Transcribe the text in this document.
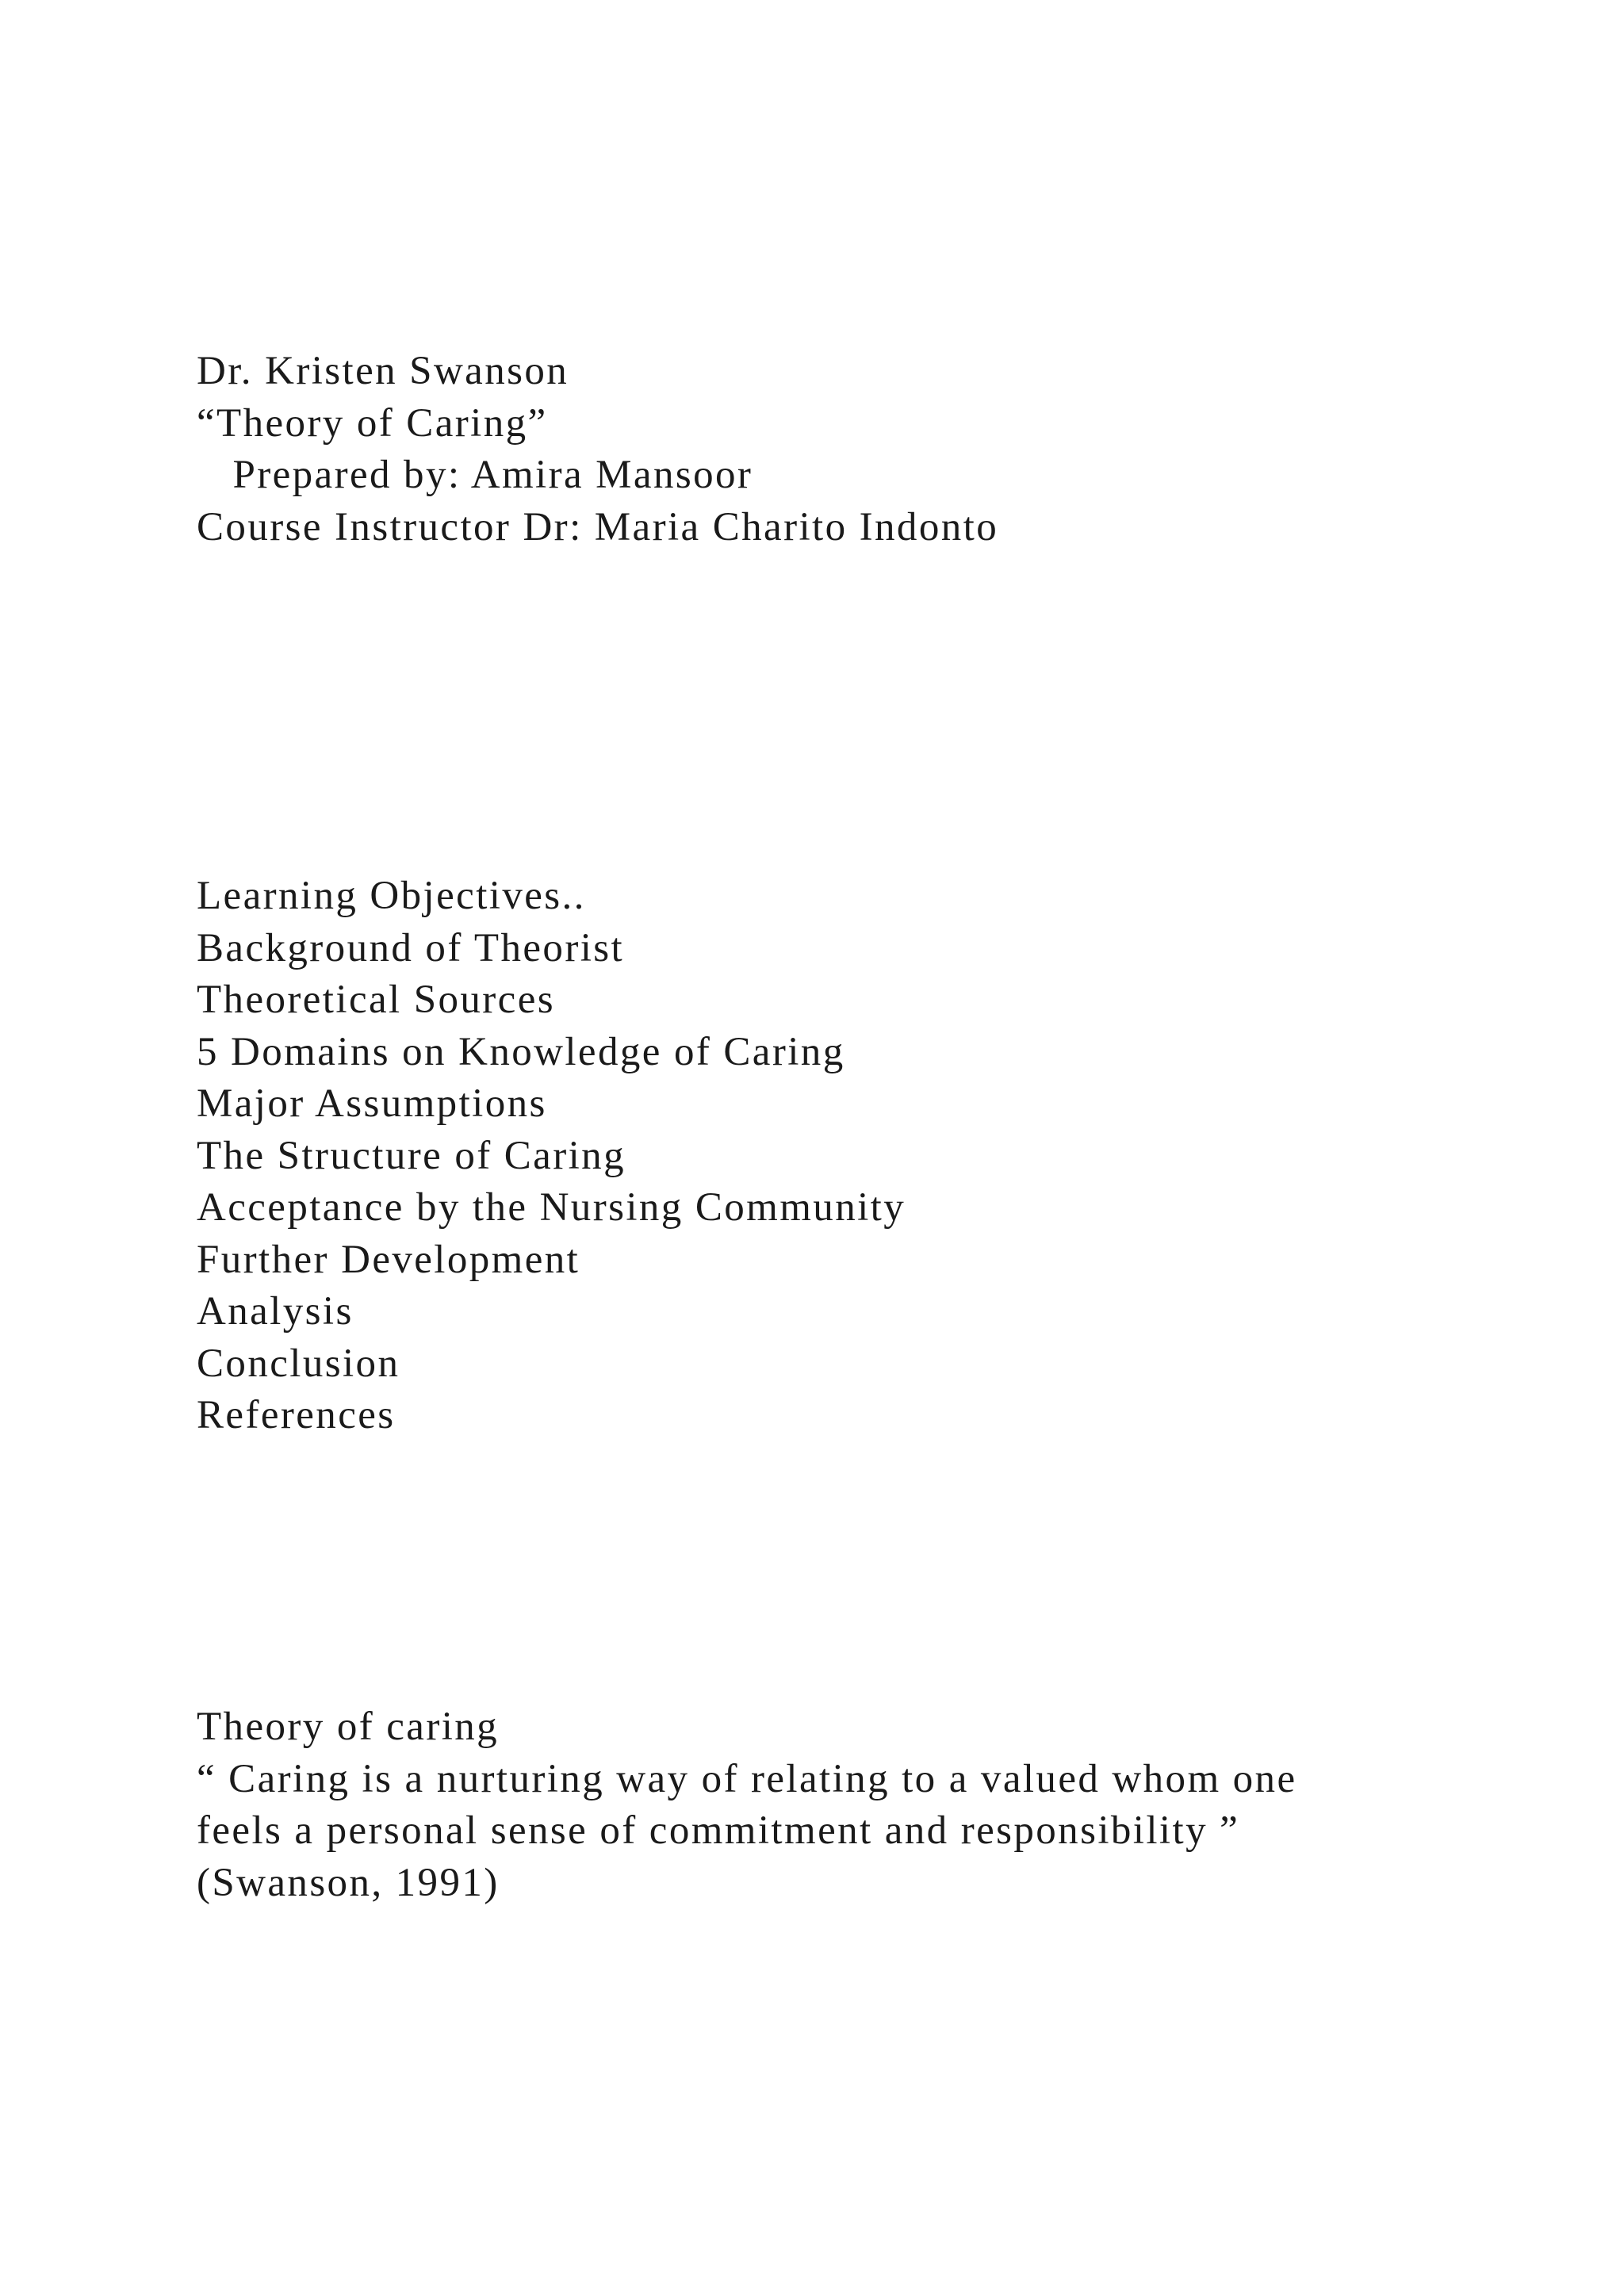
Dr. Kristen Swanson
“Theory of Caring”
Prepared by: Amira Mansoor
Course Instructor Dr: Maria Charito Indonto
Learning Objectives..
Background of Theorist
Theoretical Sources
5 Domains on Knowledge of Caring
Major Assumptions
The Structure of Caring
Acceptance by the Nursing Community
Further Development
Analysis
Conclusion
References
Theory of caring
“ Caring is a nurturing way of relating to a valued whom one
feels a personal sense of commitment and responsibility ”
(Swanson, 1991)
